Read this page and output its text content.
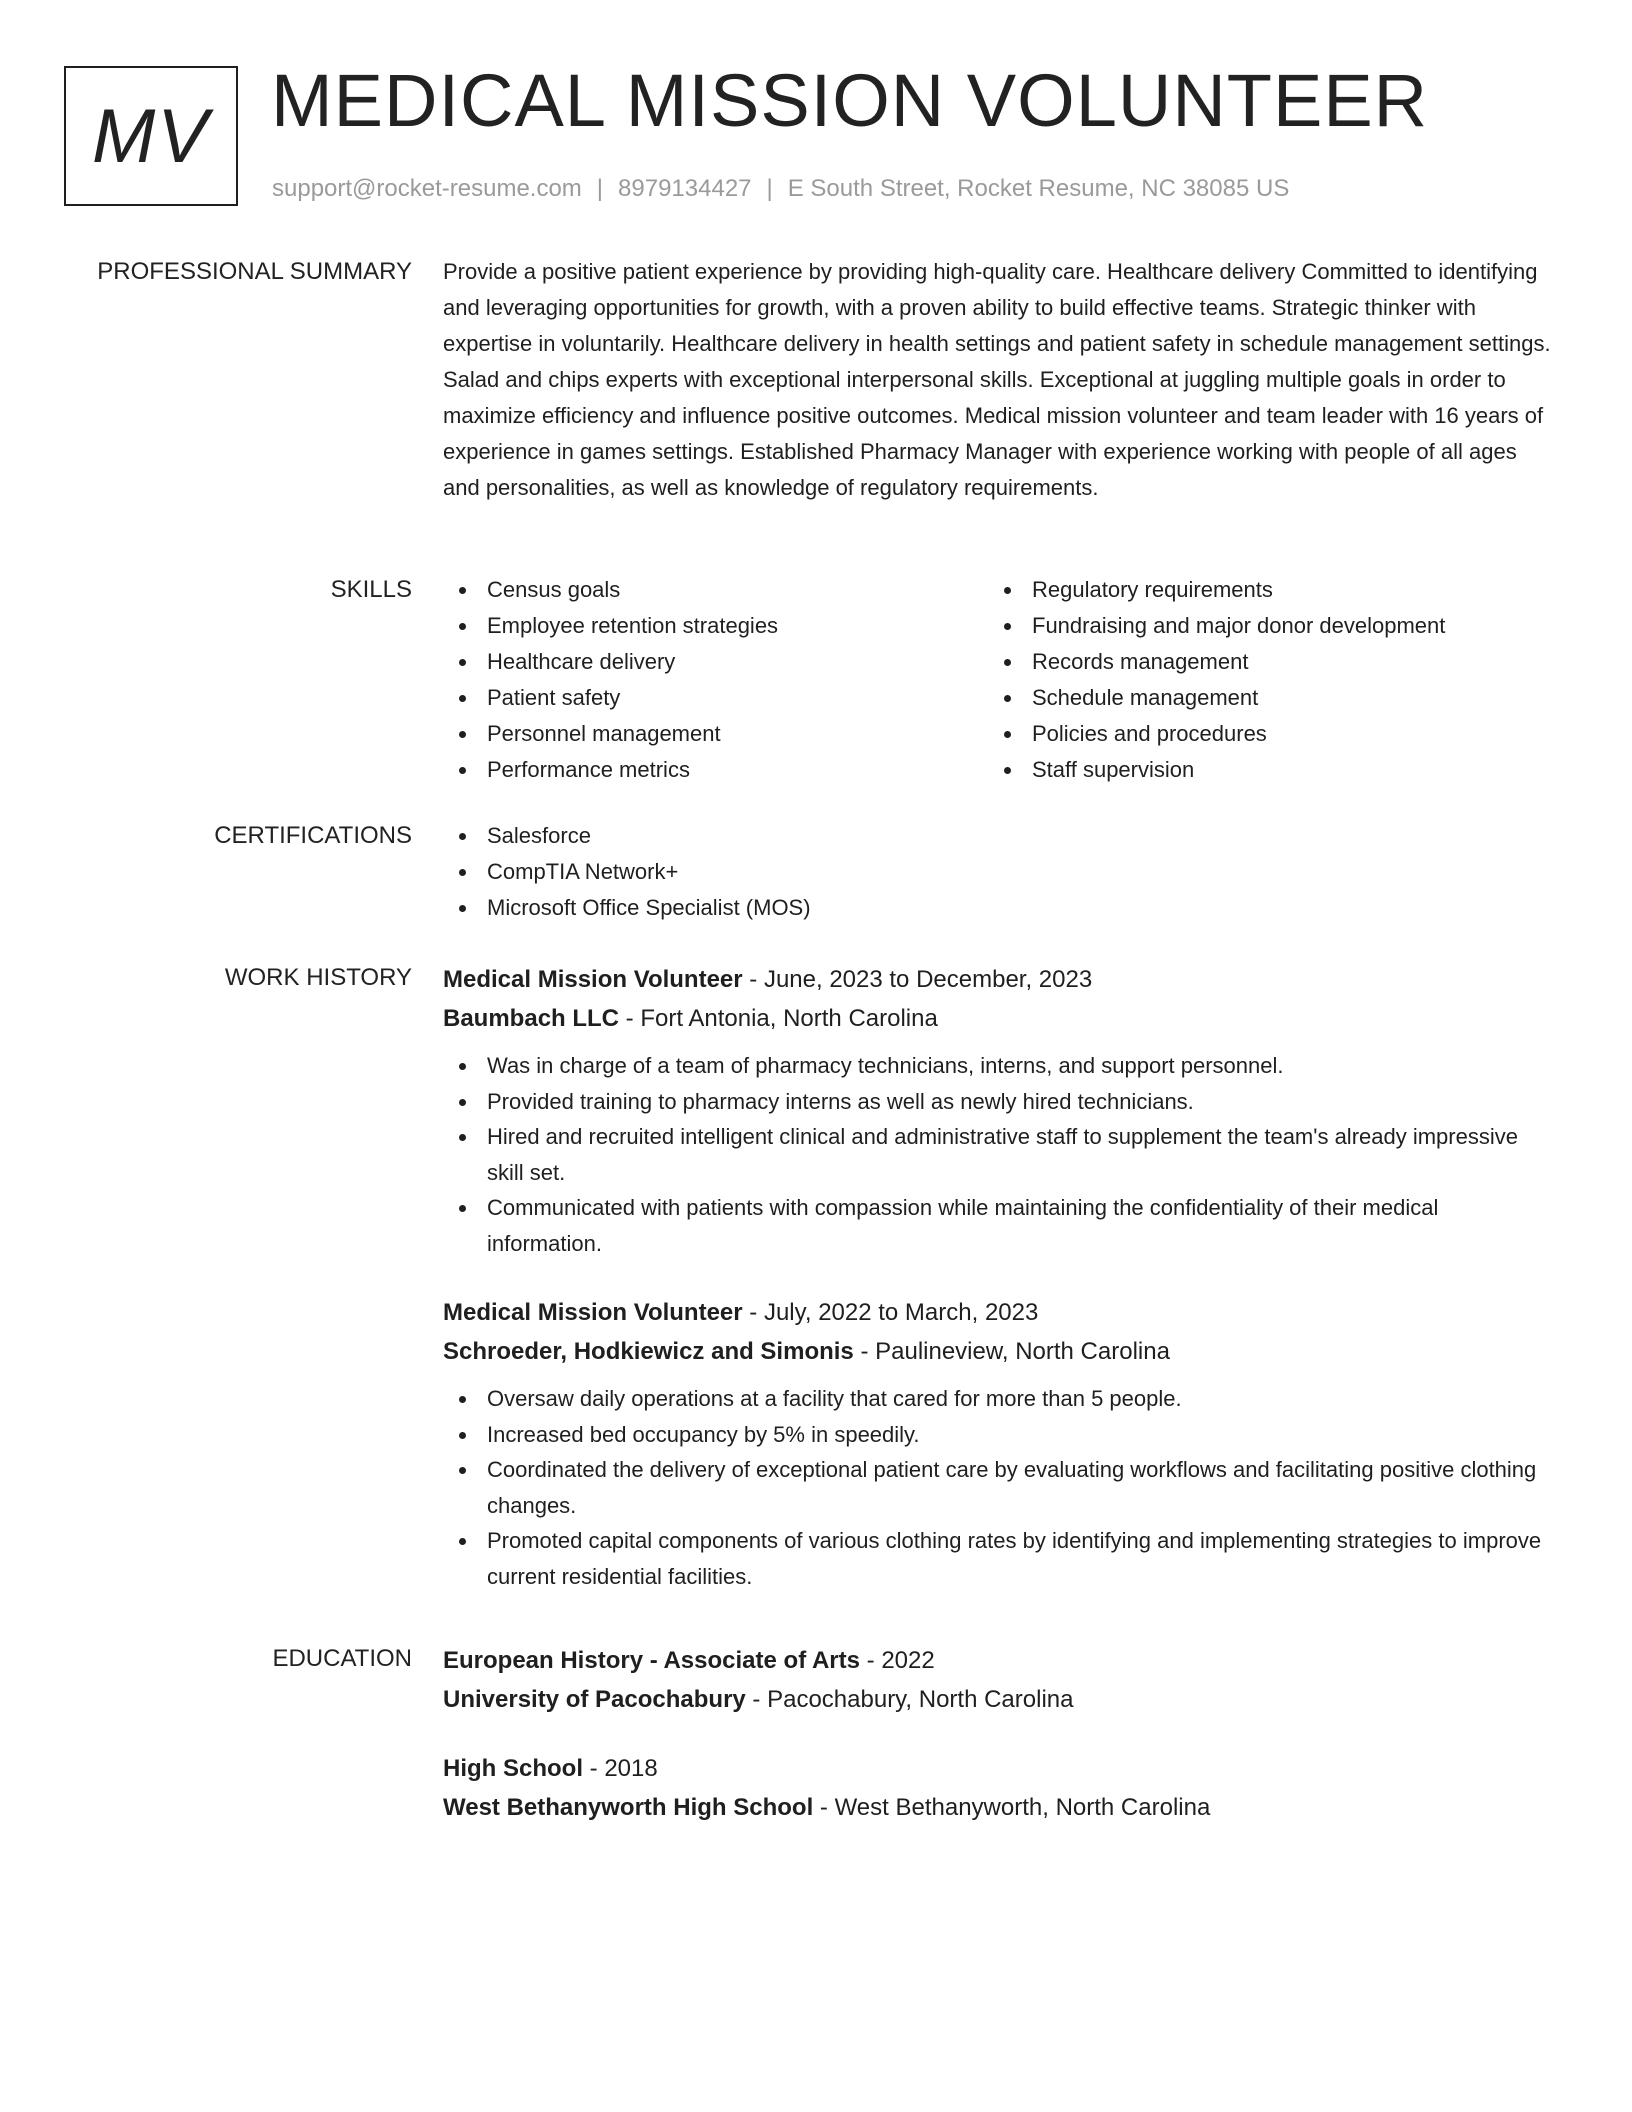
MV MEDICAL MISSION VOLUNTEER
support@rocket-resume.com | 8979134427 | E South Street, Rocket Resume, NC 38085 US
PROFESSIONAL SUMMARY Provide a positive patient experience by providing high-quality care. Healthcare delivery Committed to identifying and leveraging opportunities for growth, with a proven ability to build effective teams. Strategic thinker with expertise in voluntarily. Healthcare delivery in health settings and patient safety in schedule management settings. Salad and chips experts with exceptional interpersonal skills. Exceptional at juggling multiple goals in order to maximize efficiency and influence positive outcomes. Medical mission volunteer and team leader with 16 years of experience in games settings. Established Pharmacy Manager with experience working with people of all ages and personalities, as well as knowledge of regulatory requirements.

SKILLS	Census goals
Employee retention strategies
Healthcare delivery
Patient safety
Personnel management
Performance metrics
Regulatory requirements
Fundraising and major donor development
Records management
Schedule management
Policies and procedures
Staff supervision
CERTIFICATIONS	Salesforce
CompTIA Network+
Microsoft Office Specialist (MOS)
WORK HISTORY Medical Mission Volunteer - June, 2023 to December, 2023
Baumbach LLC - Fort Antonia, North Carolina
Was in charge of a team of pharmacy technicians, interns, and support personnel.
Provided training to pharmacy interns as well as newly hired technicians.
Hired and recruited intelligent clinical and administrative staff to supplement the team's already impressive skill set.
Communicated with patients with compassion while maintaining the confidentiality of their medical information.
Medical Mission Volunteer - July, 2022 to March, 2023
Schroeder, Hodkiewicz and Simonis - Paulineview, North Carolina
Oversaw daily operations at a facility that cared for more than 5 people.
Increased bed occupancy by 5% in speedily.
Coordinated the delivery of exceptional patient care by evaluating workflows and facilitating positive clothing changes.
Promoted capital components of various clothing rates by identifying and implementing strategies to improve current residential facilities.
EDUCATION European History - Associate of Arts - 2022
University of Pacochabury - Pacochabury, North Carolina
High School - 2018
West Bethanyworth High School - West Bethanyworth, North Carolina
